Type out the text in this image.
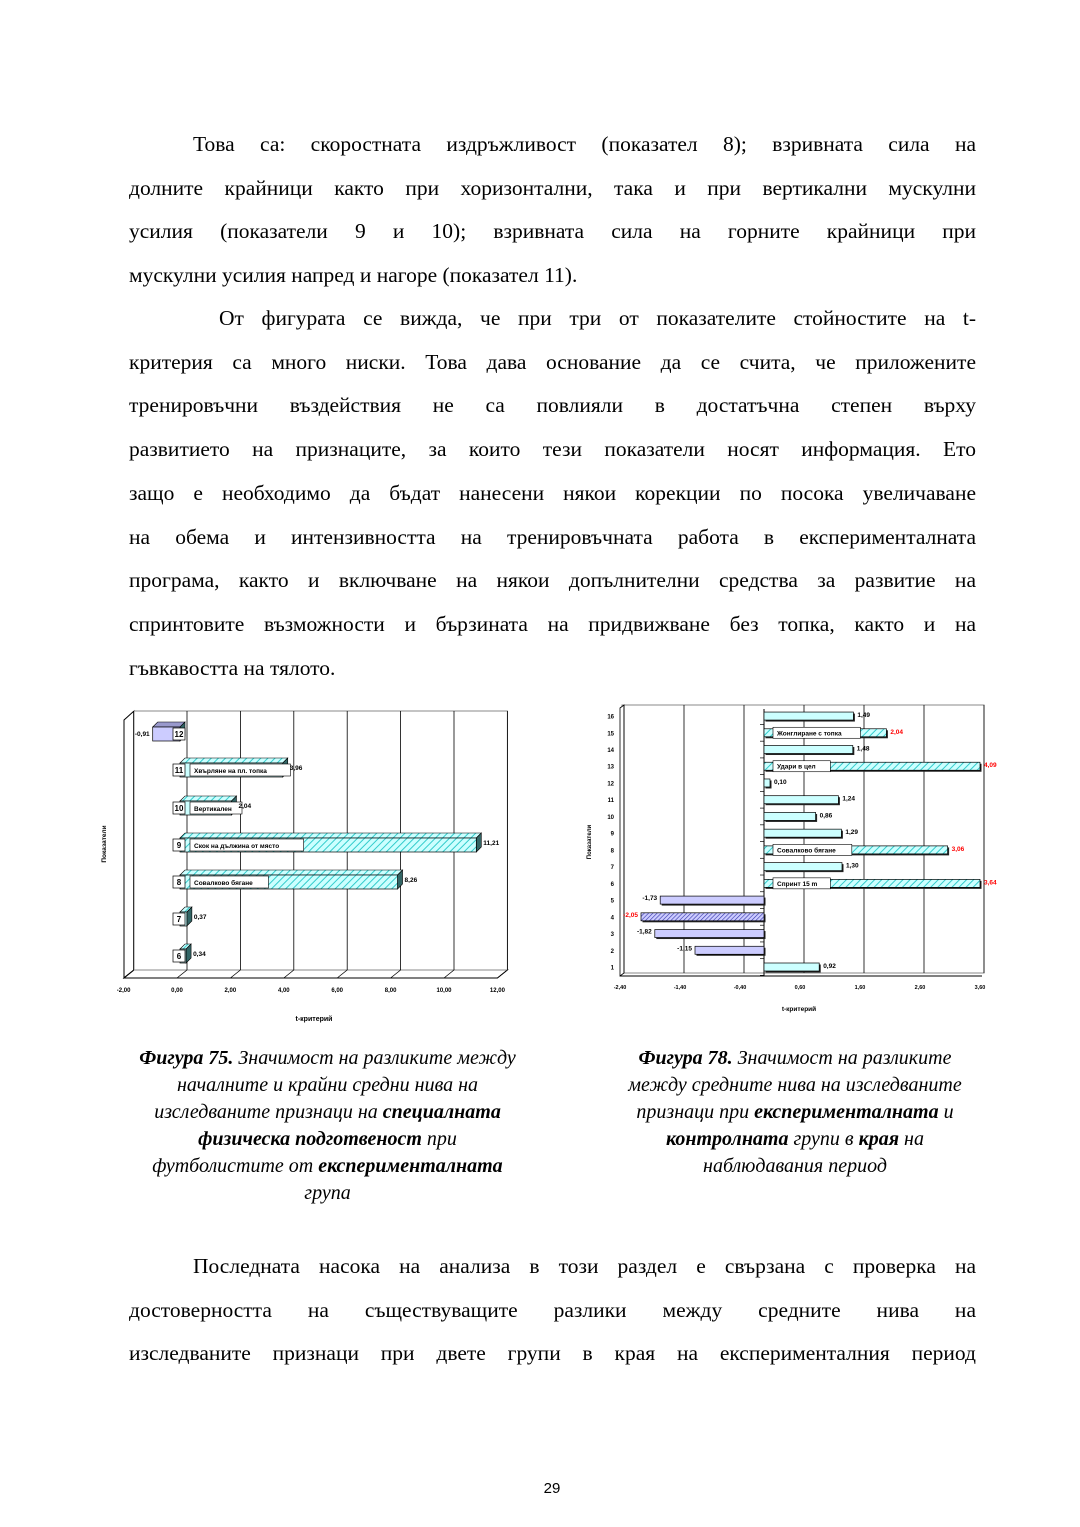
Това са: скоростната издръжливост (показател 8); взривната сила на
долните крайници както при хоризонтални, така и при вертикални мускулни
усилия (показатели 9 и 10); взривната сила на горните крайници при
мускулни усилия напред и нагоре (показател 11).
От фигурата се вижда, че при три от показателите стойностите на t-
критерия са много ниски. Това дава основание да се счита, че приложените
тренировъчни въздействия не са повлияли в достатъчна степен върху
развитието на признаците, за които тези показатели носят информация. Ето
защо е необходимо да бъдат нанесени някои корекции по посока увеличаване
на обема и интензивността на тренировъчната работа в експерименталната
програма, както и включване на някои допълнителни средства за развитие на
спринтовите възможности и бързината на придвижване без топка, както и на
гъвкавостта на тялото.
Последната насока на анализа в този раздел е свързана с проверка на
достоверността на съществуващите разлики между средните нива на
изследваните признаци при двете групи в края на експерименталния период
-2,00	0,00	2,00	4,00	6,00	8,00	10,00	12,00
t-критерий
Показатели
12
-0,91
11 Хвърляне на пл. топка	3,96
10 Вертикален 2,04
9 Скок на дължина от място	11,21
8 Совалково бягане	8,26
7 0,37
6 0,34
-2,40	-1,40	-0,40	0,60	1,60	2,60	3,60
t-критерий
Показатели
1	0,92
2	-1,15
3	-1,82
4 -2,05
5	-1,73
6	Спринт 15 m	3,64
7	1,30
8	Совалково бягане	3,06
9	1,29
10	0,86
11	1,24
12	0,10
13	Удари в цел	4,09
14	1,48
15	Жонглиране с топка	2,04
16	1,49
Фигура 75. Значимост на разликите между
началните и крайни средни нива на
изследваните признаци на специалната
физическа подготвеност при
футболистите от експерименталната
група
Фигура 78. Значимост на разликите
между средните нива на изследваните
признаци при експерименталната и
контролната групи в края на
наблюдавания период
29
